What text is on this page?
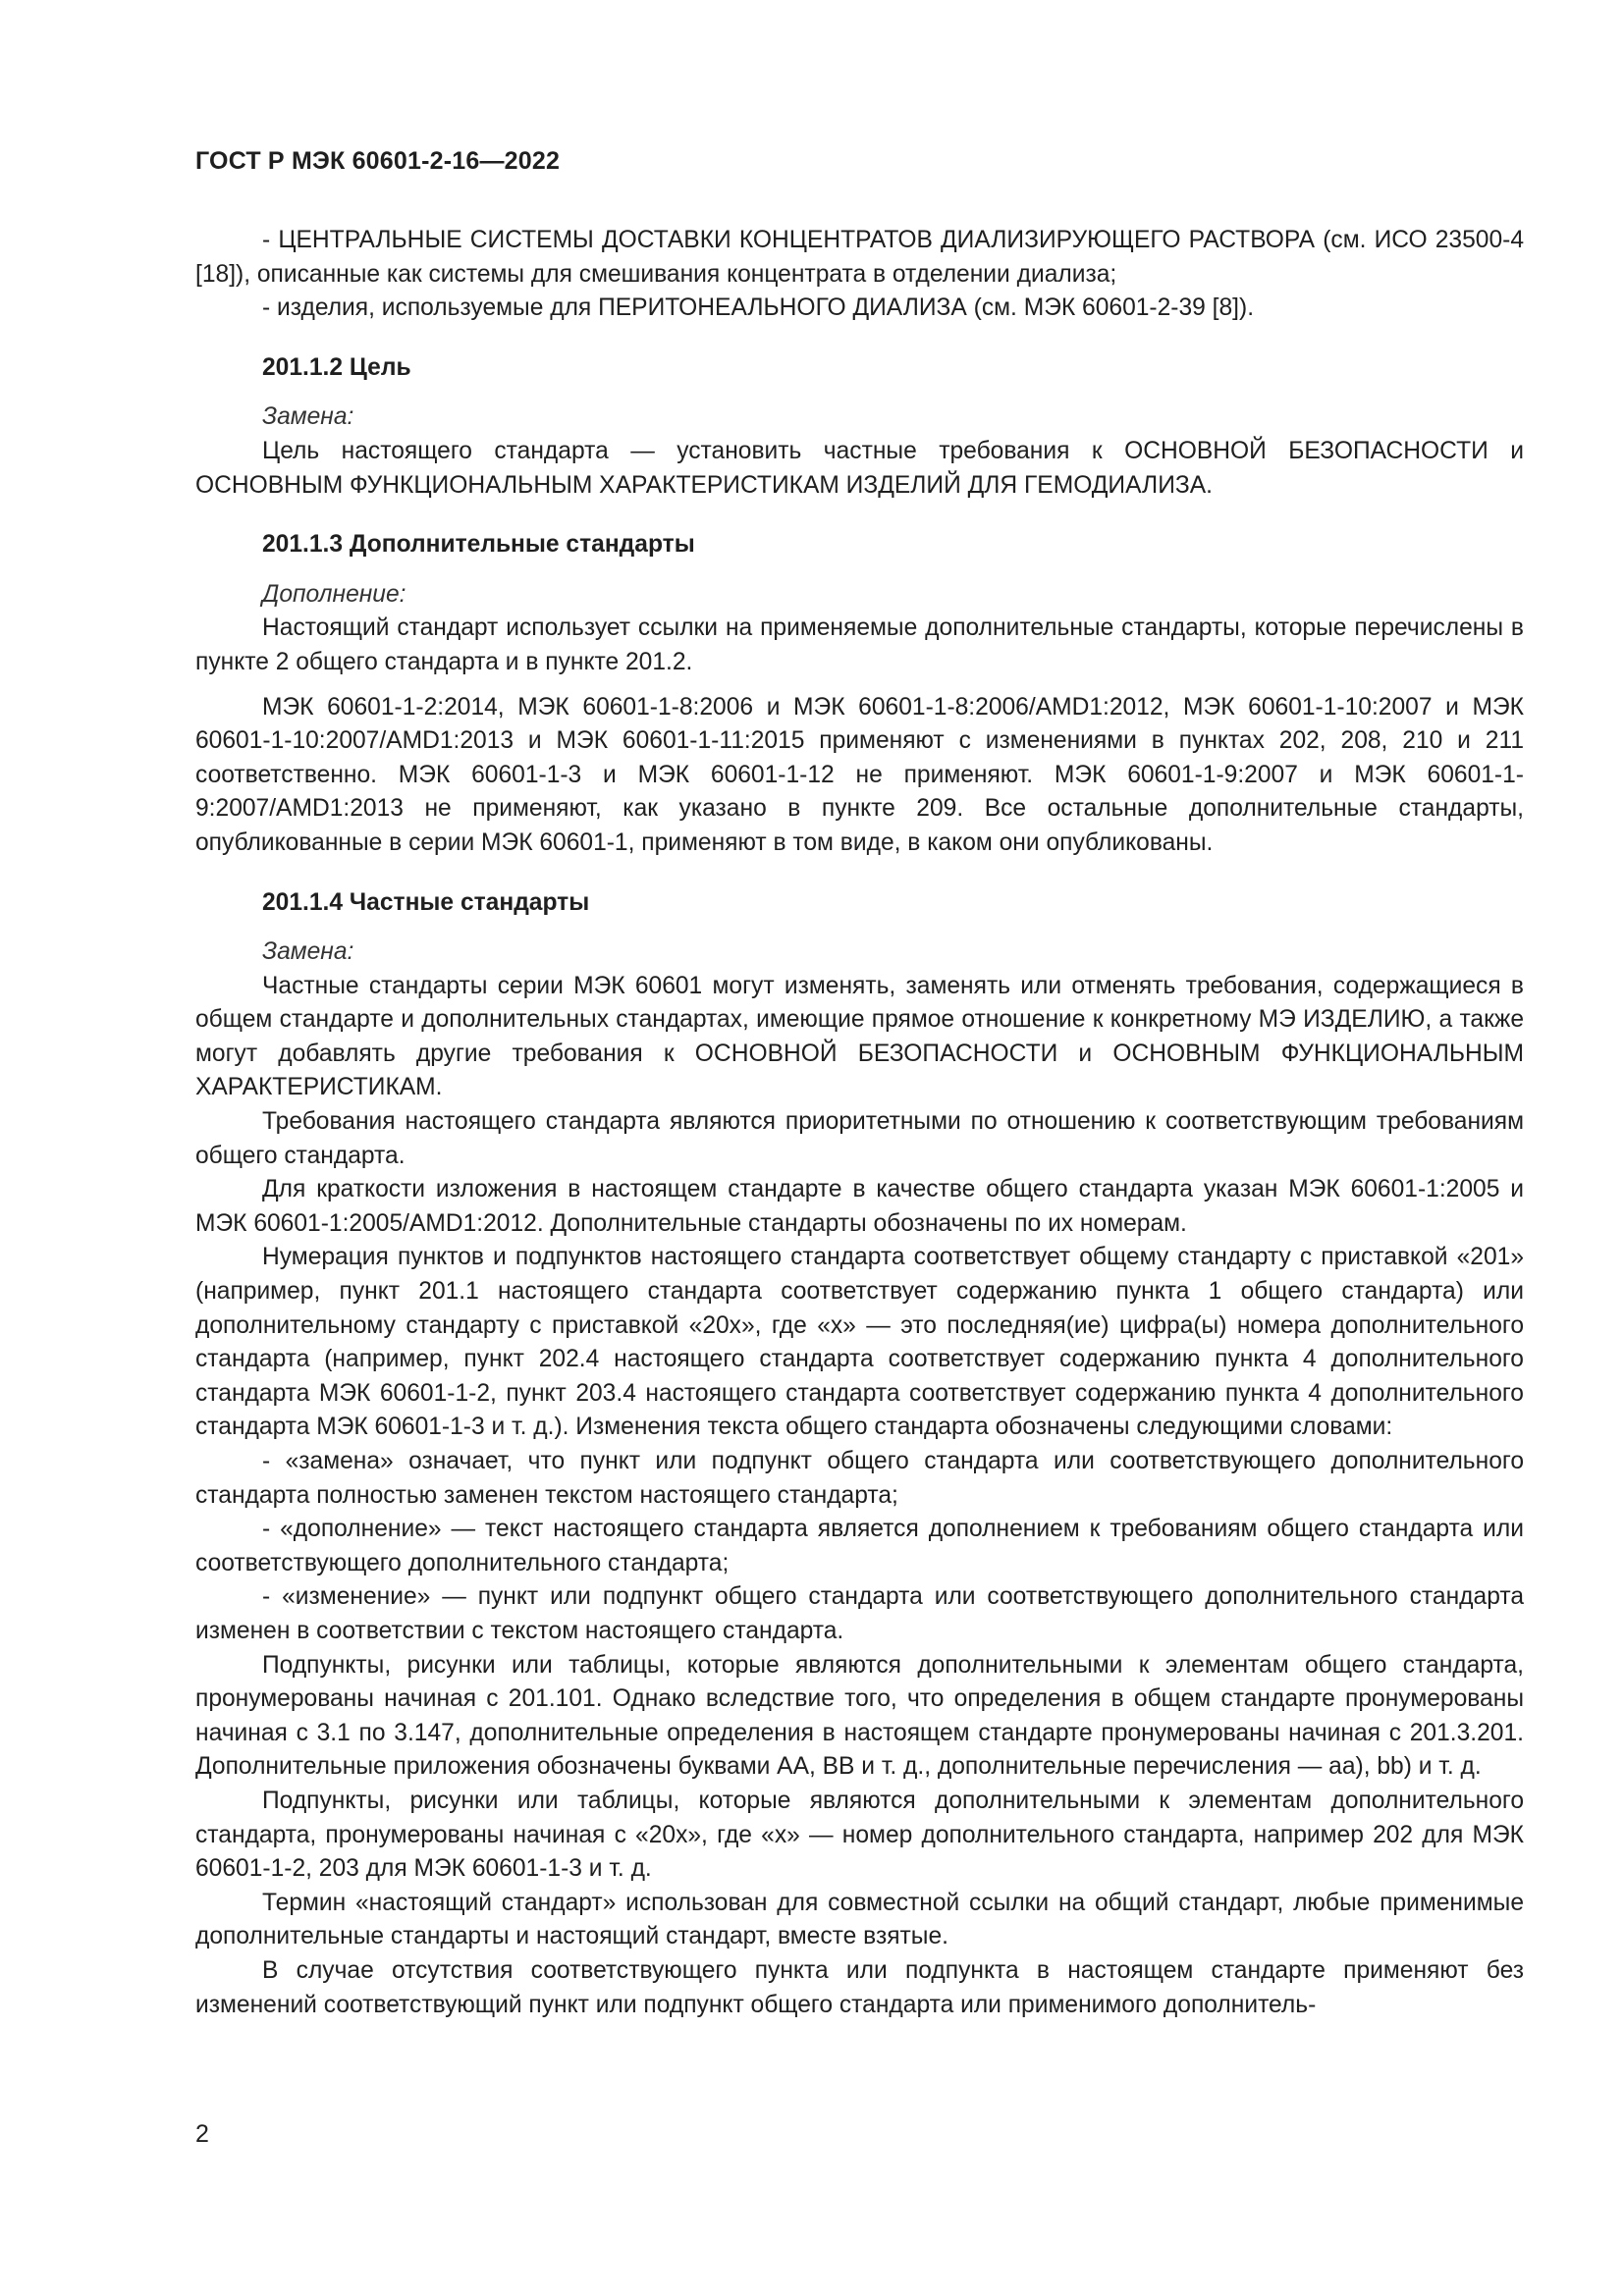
ГОСТ Р МЭК 60601-2-16—2022

- ЦЕНТРАЛЬНЫЕ СИСТЕМЫ ДОСТАВКИ КОНЦЕНТРАТОВ ДИАЛИЗИРУЮЩЕГО РАСТВОРА (см. ИСО 23500-4 [18]), описанные как системы для смешивания концентрата в отделении диализа;

- изделия, используемые для ПЕРИТОНЕАЛЬНОГО ДИАЛИЗА (см. МЭК 60601-2-39 [8]).

201.1.2 Цель

Замена:

Цель настоящего стандарта — установить частные требования к ОСНОВНОЙ БЕЗОПАСНОСТИ и ОСНОВНЫМ ФУНКЦИОНАЛЬНЫМ ХАРАКТЕРИСТИКАМ ИЗДЕЛИЙ ДЛЯ ГЕМОДИАЛИЗА.

201.1.3 Дополнительные стандарты

Дополнение:

Настоящий стандарт использует ссылки на применяемые дополнительные стандарты, которые перечислены в пункте 2 общего стандарта и в пункте 201.2.

МЭК 60601-1-2:2014, МЭК 60601-1-8:2006 и МЭК 60601-1-8:2006/AMD1:2012, МЭК 60601-1-10:2007 и МЭК 60601-1-10:2007/AMD1:2013 и МЭК 60601-1-11:2015 применяют с изменениями в пунктах 202, 208, 210 и 211 соответственно. МЭК 60601-1-3 и МЭК 60601-1-12 не применяют. МЭК 60601-1-9:2007 и МЭК 60601-1-9:2007/AMD1:2013 не применяют, как указано в пункте 209. Все остальные дополнительные стандарты, опубликованные в серии МЭК 60601-1, применяют в том виде, в каком они опубликованы.

201.1.4 Частные стандарты

Замена:

Частные стандарты серии МЭК 60601 могут изменять, заменять или отменять требования, содержащиеся в общем стандарте и дополнительных стандартах, имеющие прямое отношение к конкретному МЭ ИЗДЕЛИЮ, а также могут добавлять другие требования к ОСНОВНОЙ БЕЗОПАСНОСТИ и ОСНОВНЫМ ФУНКЦИОНАЛЬНЫМ ХАРАКТЕРИСТИКАМ.

Требования настоящего стандарта являются приоритетными по отношению к соответствующим требованиям общего стандарта.

Для краткости изложения в настоящем стандарте в качестве общего стандарта указан МЭК 60601-1:2005 и МЭК 60601-1:2005/AMD1:2012. Дополнительные стандарты обозначены по их номерам.

Нумерация пунктов и подпунктов настоящего стандарта соответствует общему стандарту с приставкой «201» (например, пункт 201.1 настоящего стандарта соответствует содержанию пункта 1 общего стандарта) или дополнительному стандарту с приставкой «20x», где «x» — это последняя(ие) цифра(ы) номера дополнительного стандарта (например, пункт 202.4 настоящего стандарта соответствует содержанию пункта 4 дополнительного стандарта МЭК 60601-1-2, пункт 203.4 настоящего стандарта соответствует содержанию пункта 4 дополнительного стандарта МЭК 60601-1-3 и т. д.). Изменения текста общего стандарта обозначены следующими словами:

- «замена» означает, что пункт или подпункт общего стандарта или соответствующего дополнительного стандарта полностью заменен текстом настоящего стандарта;

- «дополнение» — текст настоящего стандарта является дополнением к требованиям общего стандарта или соответствующего дополнительного стандарта;

- «изменение» — пункт или подпункт общего стандарта или соответствующего дополнительного стандарта изменен в соответствии с текстом настоящего стандарта.

Подпункты, рисунки или таблицы, которые являются дополнительными к элементам общего стандарта, пронумерованы начиная с 201.101. Однако вследствие того, что определения в общем стандарте пронумерованы начиная с 3.1 по 3.147, дополнительные определения в настоящем стандарте пронумерованы начиная с 201.3.201. Дополнительные приложения обозначены буквами AA, BB и т. д., дополнительные перечисления — aa), bb) и т. д.

Подпункты, рисунки или таблицы, которые являются дополнительными к элементам дополнительного стандарта, пронумерованы начиная с «20x», где «x» — номер дополнительного стандарта, например 202 для МЭК 60601-1-2, 203 для МЭК 60601-1-3 и т. д.

Термин «настоящий стандарт» использован для совместной ссылки на общий стандарт, любые применимые дополнительные стандарты и настоящий стандарт, вместе взятые.

В случае отсутствия соответствующего пункта или подпункта в настоящем стандарте применяют без изменений соответствующий пункт или подпункт общего стандарта или применимого дополнитель-

2
